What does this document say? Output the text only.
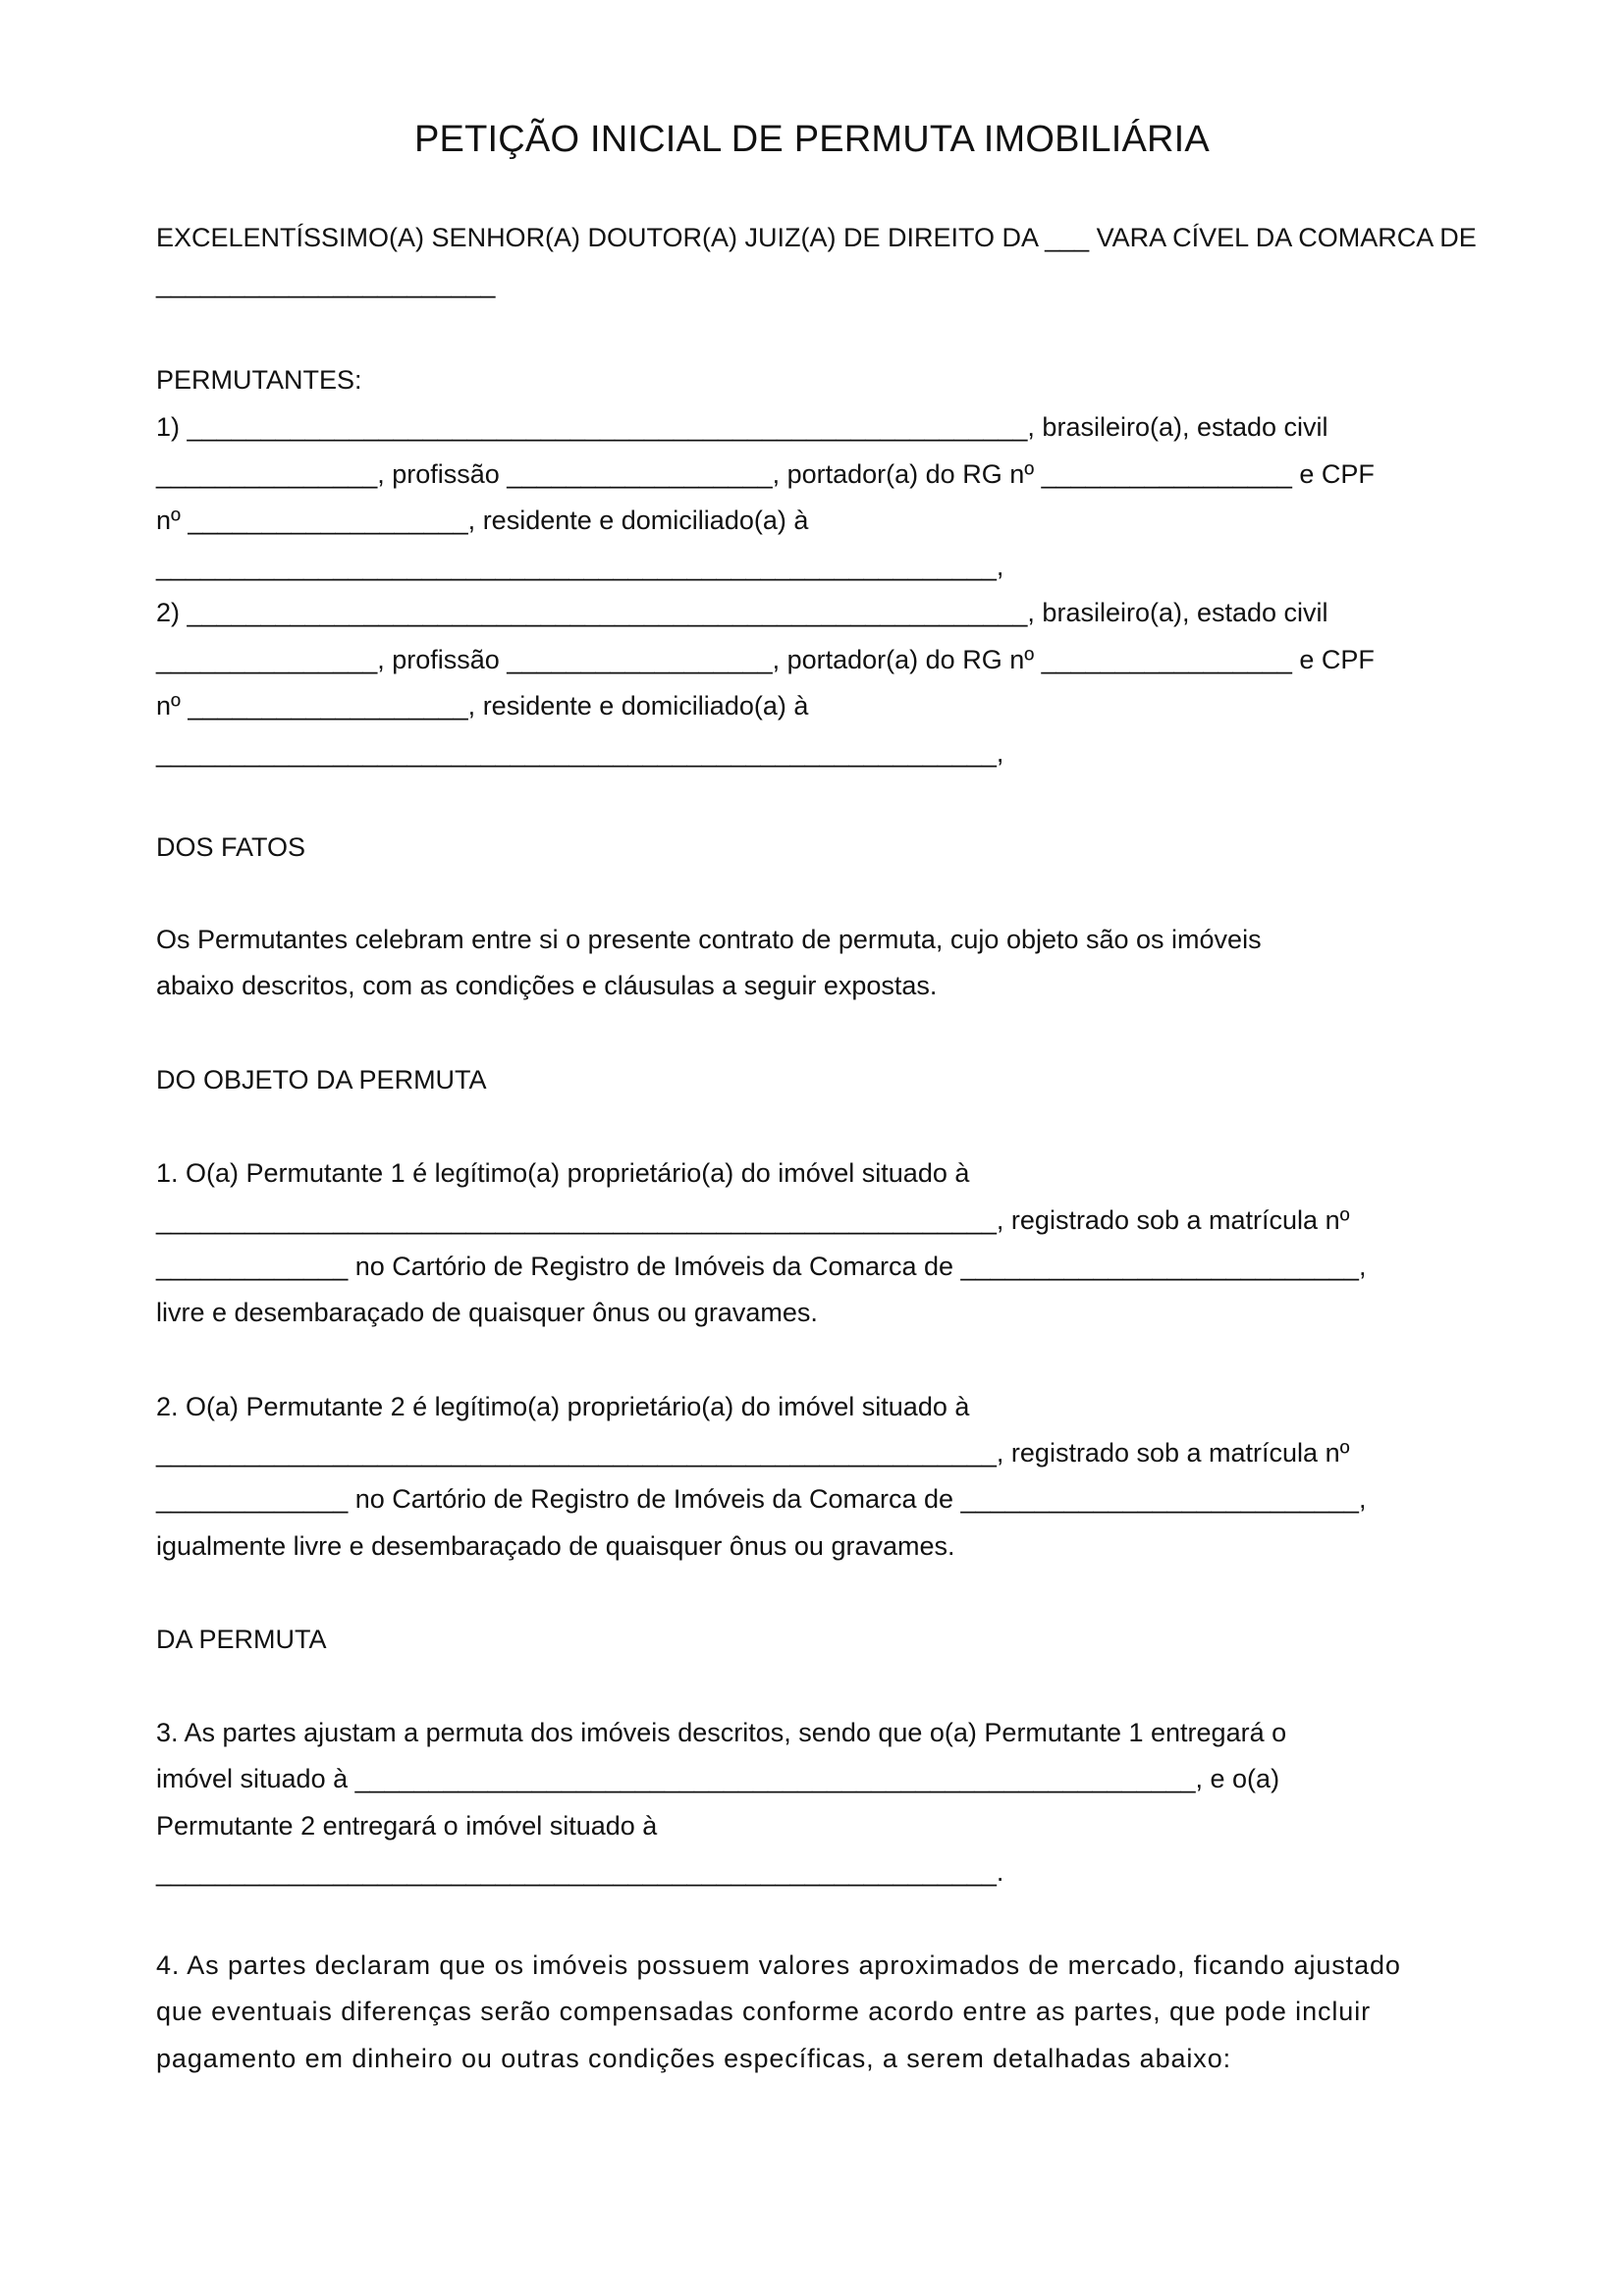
PETIÇÃO INICIAL DE PERMUTA IMOBILIÁRIA
EXCELENTÍSSIMO(A) SENHOR(A) DOUTOR(A) JUIZ(A) DE DIREITO DA ___ VARA CÍVEL DA COMARCA DE
_______________________
PERMUTANTES:
1) _________________________________________________________, brasileiro(a), estado civil
_______________, profissão __________________, portador(a) do RG nº _________________ e CPF
nº ___________________, residente e domiciliado(a) à
_________________________________________________________,
2) _________________________________________________________, brasileiro(a), estado civil
_______________, profissão __________________, portador(a) do RG nº _________________ e CPF
nº ___________________, residente e domiciliado(a) à
_________________________________________________________,
DOS FATOS
Os Permutantes celebram entre si o presente contrato de permuta, cujo objeto são os imóveis
abaixo descritos, com as condições e cláusulas a seguir expostas.
DO OBJETO DA PERMUTA
1. O(a) Permutante 1 é legítimo(a) proprietário(a) do imóvel situado à
_________________________________________________________, registrado sob a matrícula nº
_____________ no Cartório de Registro de Imóveis da Comarca de ___________________________,
livre e desembaraçado de quaisquer ônus ou gravames.
2. O(a) Permutante 2 é legítimo(a) proprietário(a) do imóvel situado à
_________________________________________________________, registrado sob a matrícula nº
_____________ no Cartório de Registro de Imóveis da Comarca de ___________________________,
igualmente livre e desembaraçado de quaisquer ônus ou gravames.
DA PERMUTA
3. As partes ajustam a permuta dos imóveis descritos, sendo que o(a) Permutante 1 entregará o
imóvel situado à _________________________________________________________, e o(a)
Permutante 2 entregará o imóvel situado à
_________________________________________________________.
4. As partes declaram que os imóveis possuem valores aproximados de mercado, ficando ajustado
que eventuais diferenças serão compensadas conforme acordo entre as partes, que pode incluir
pagamento em dinheiro ou outras condições específicas, a serem detalhadas abaixo:
